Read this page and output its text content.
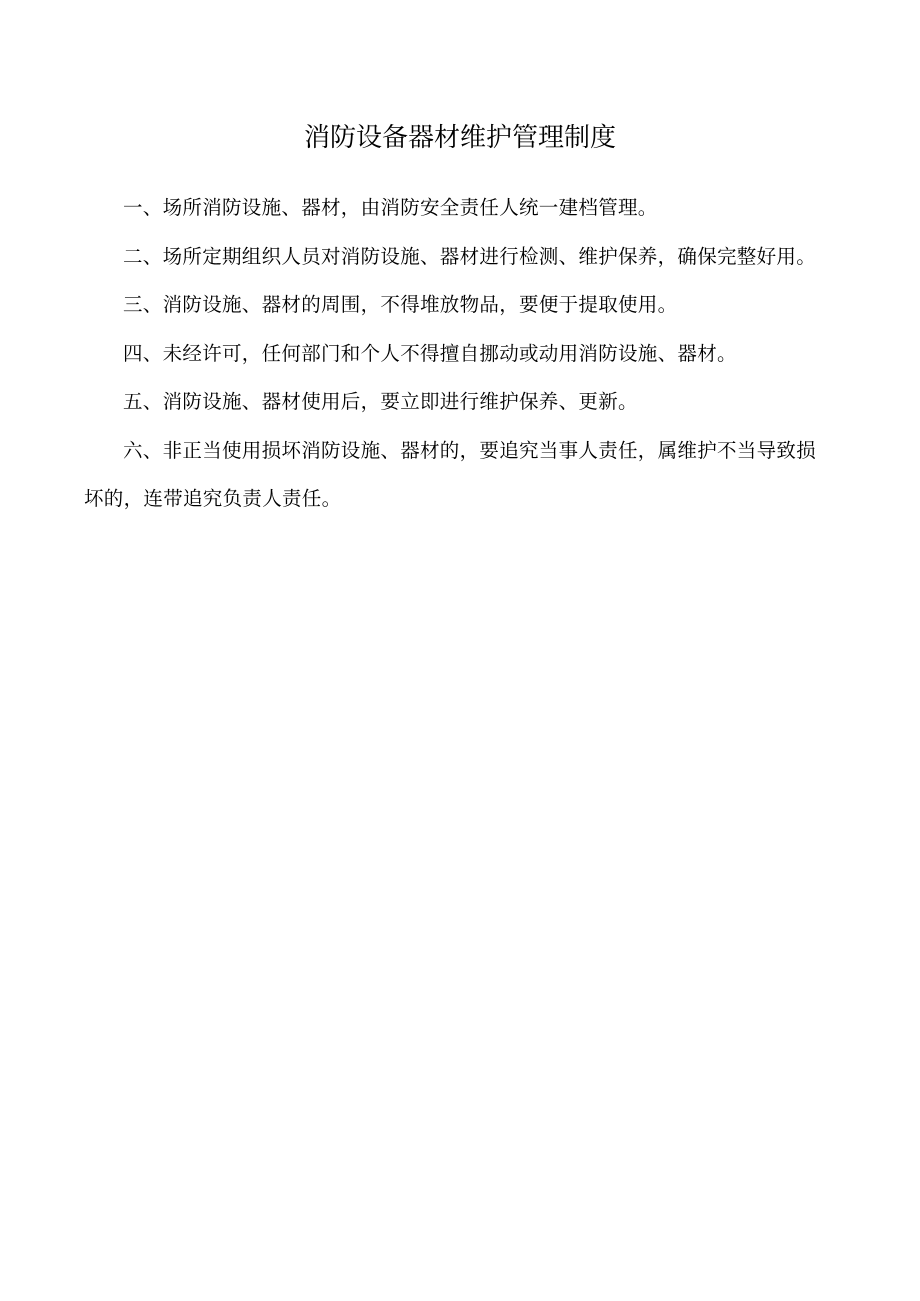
消防设备器材维护管理制度

一、场所消防设施、器材，由消防安全责任人统一建档管理。

二、场所定期组织人员对消防设施、器材进行检测、维护保养，确保完整好用。

三、消防设施、器材的周围，不得堆放物品，要便于提取使用。

四、未经许可，任何部门和个人不得擅自挪动或动用消防设施、器材。

五、消防设施、器材使用后，要立即进行维护保养、更新。

六、非正当使用损坏消防设施、器材的，要追究当事人责任，属维护不当导致损坏的，连带追究负责人责任。
